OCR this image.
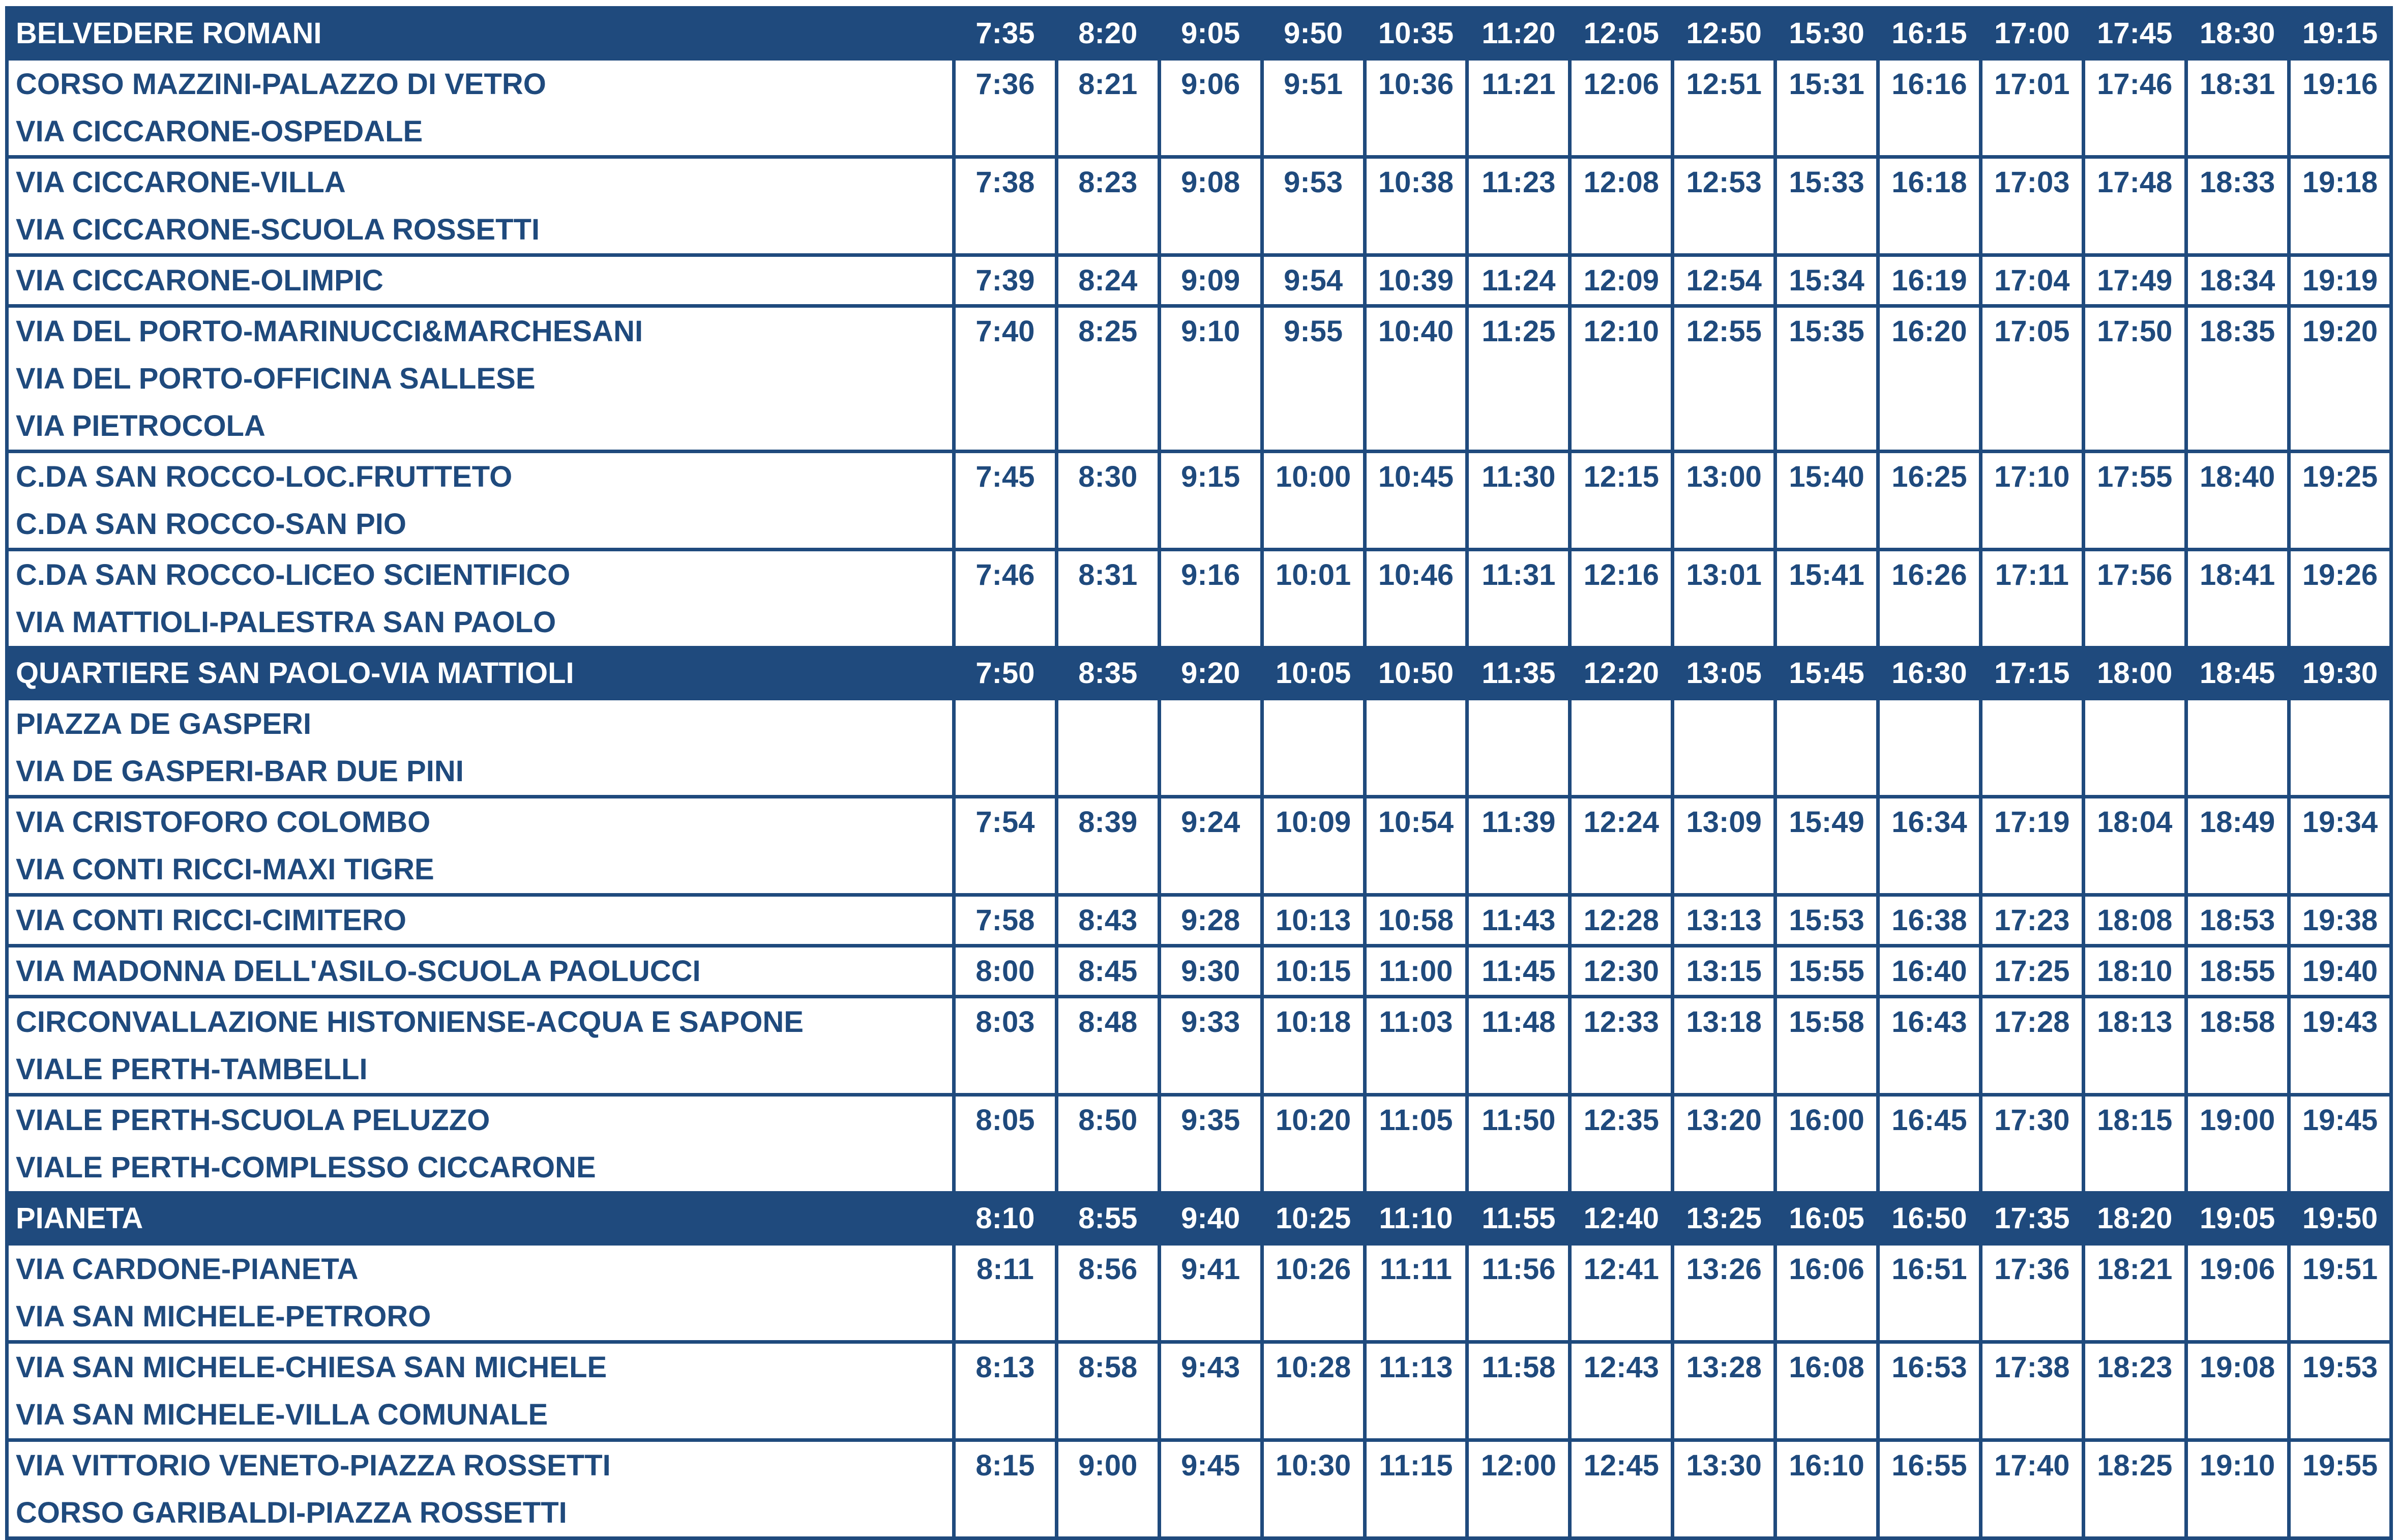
BELVEDERE ROMANI	7:35	8:20	9:05	9:50	10:35	11:20	12:05	12:50	15:30	16:15	17:00	17:45	18:30	19:15

CORSO MAZZINI-PALAZZO DI VETRO
VIA CICCARONE-OSPEDALE	7:36	8:21	9:06	9:51	10:36	11:21	12:06	12:51	15:31	16:16	17:01	17:46	18:31	19:16

VIA CICCARONE-VILLA
VIA CICCARONE-SCUOLA ROSSETTI	7:38	8:23	9:08	9:53	10:38	11:23	12:08	12:53	15:33	16:18	17:03	17:48	18:33	19:18

VIA CICCARONE-OLIMPIC	7:39	8:24	9:09	9:54	10:39	11:24	12:09	12:54	15:34	16:19	17:04	17:49	18:34	19:19

VIA DEL PORTO-MARINUCCI&MARCHESANI
VIA DEL PORTO-OFFICINA SALLESE
VIA PIETROCOLA	7:40	8:25	9:10	9:55	10:40	11:25	12:10	12:55	15:35	16:20	17:05	17:50	18:35	19:20

C.DA SAN ROCCO-LOC.FRUTTETO
C.DA SAN ROCCO-SAN PIO	7:45	8:30	9:15	10:00	10:45	11:30	12:15	13:00	15:40	16:25	17:10	17:55	18:40	19:25

C.DA SAN ROCCO-LICEO SCIENTIFICO
VIA MATTIOLI-PALESTRA SAN PAOLO	7:46	8:31	9:16	10:01	10:46	11:31	12:16	13:01	15:41	16:26	17:11	17:56	18:41	19:26

QUARTIERE SAN PAOLO-VIA MATTIOLI	7:50	8:35	9:20	10:05	10:50	11:35	12:20	13:05	15:45	16:30	17:15	18:00	18:45	19:30

PIAZZA DE GASPERI
VIA DE GASPERI-BAR DUE PINI														

VIA CRISTOFORO COLOMBO
VIA CONTI RICCI-MAXI TIGRE	7:54	8:39	9:24	10:09	10:54	11:39	12:24	13:09	15:49	16:34	17:19	18:04	18:49	19:34

VIA CONTI RICCI-CIMITERO	7:58	8:43	9:28	10:13	10:58	11:43	12:28	13:13	15:53	16:38	17:23	18:08	18:53	19:38

VIA MADONNA DELL'ASILO-SCUOLA PAOLUCCI	8:00	8:45	9:30	10:15	11:00	11:45	12:30	13:15	15:55	16:40	17:25	18:10	18:55	19:40

CIRCONVALLAZIONE HISTONIENSE-ACQUA E SAPONE
VIALE PERTH-TAMBELLI	8:03	8:48	9:33	10:18	11:03	11:48	12:33	13:18	15:58	16:43	17:28	18:13	18:58	19:43

VIALE PERTH-SCUOLA PELUZZO
VIALE PERTH-COMPLESSO CICCARONE	8:05	8:50	9:35	10:20	11:05	11:50	12:35	13:20	16:00	16:45	17:30	18:15	19:00	19:45

PIANETA	8:10	8:55	9:40	10:25	11:10	11:55	12:40	13:25	16:05	16:50	17:35	18:20	19:05	19:50

VIA CARDONE-PIANETA
VIA SAN MICHELE-PETRORO	8:11	8:56	9:41	10:26	11:11	11:56	12:41	13:26	16:06	16:51	17:36	18:21	19:06	19:51

VIA SAN MICHELE-CHIESA SAN MICHELE
VIA SAN MICHELE-VILLA COMUNALE	8:13	8:58	9:43	10:28	11:13	11:58	12:43	13:28	16:08	16:53	17:38	18:23	19:08	19:53

VIA VITTORIO VENETO-PIAZZA ROSSETTI
CORSO GARIBALDI-PIAZZA ROSSETTI	8:15	9:00	9:45	10:30	11:15	12:00	12:45	13:30	16:10	16:55	17:40	18:25	19:10	19:55
